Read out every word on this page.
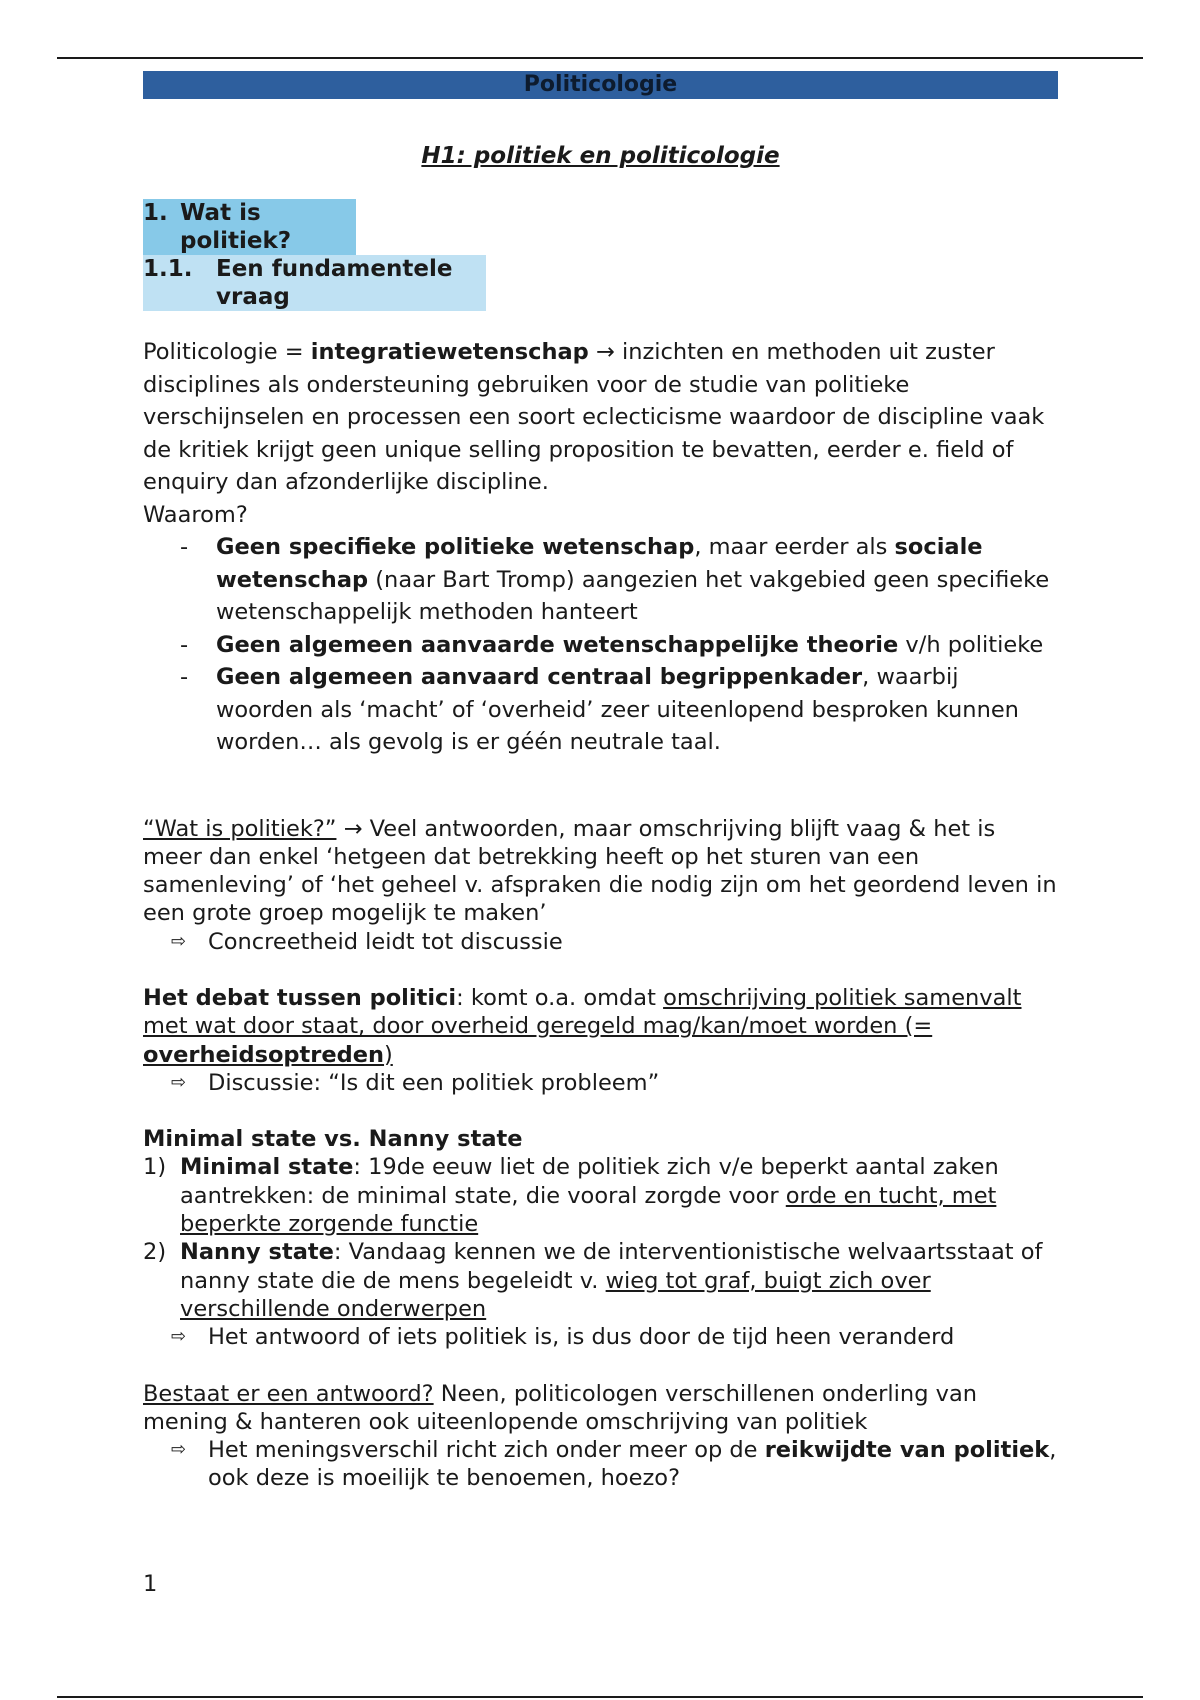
Politicologie
H1: politiek en politicologie
1. Wat is politiek?
1.1. Een fundamentele vraag
Politicologie = integratiewetenschap → inzichten en methoden uit zuster disciplines als ondersteuning gebruiken voor de studie van politieke verschijnselen en processen een soort eclecticisme waardoor de discipline vaak de kritiek krijgt geen unique selling proposition te bevatten, eerder e. field of enquiry dan afzonderlijke discipline.
Waarom?
- Geen specifieke politieke wetenschap, maar eerder als sociale wetenschap (naar Bart Tromp) aangezien het vakgebied geen specifieke wetenschappelijk methoden hanteert
- Geen algemeen aanvaarde wetenschappelijke theorie v/h politieke
- Geen algemeen aanvaard centraal begrippenkader, waarbij woorden als ‘macht’ of ‘overheid’ zeer uiteenlopend besproken kunnen worden… als gevolg is er géén neutrale taal.
“Wat is politiek?” → Veel antwoorden, maar omschrijving blijft vaag & het is meer dan enkel ‘hetgeen dat betrekking heeft op het sturen van een samenleving’ of ‘het geheel v. afspraken die nodig zijn om het geordend leven in een grote groep mogelijk te maken’
⇨ Concreetheid leidt tot discussie
Het debat tussen politici: komt o.a. omdat omschrijving politiek samenvalt met wat door staat, door overheid geregeld mag/kan/moet worden (= overheidsoptreden)
⇨ Discussie: “Is dit een politiek probleem”
Minimal state vs. Nanny state
1) Minimal state: 19de eeuw liet de politiek zich v/e beperkt aantal zaken aantrekken: de minimal state, die vooral zorgde voor orde en tucht, met beperkte zorgende functie
2) Nanny state: Vandaag kennen we de interventionistische welvaartsstaat of nanny state die de mens begeleidt v. wieg tot graf, buigt zich over verschillende onderwerpen
⇨ Het antwoord of iets politiek is, is dus door de tijd heen veranderd
Bestaat er een antwoord? Neen, politicologen verschillenen onderling van mening & hanteren ook uiteenlopende omschrijving van politiek
⇨ Het meningsverschil richt zich onder meer op de reikwijdte van politiek, ook deze is moeilijk te benoemen, hoezo?
1
